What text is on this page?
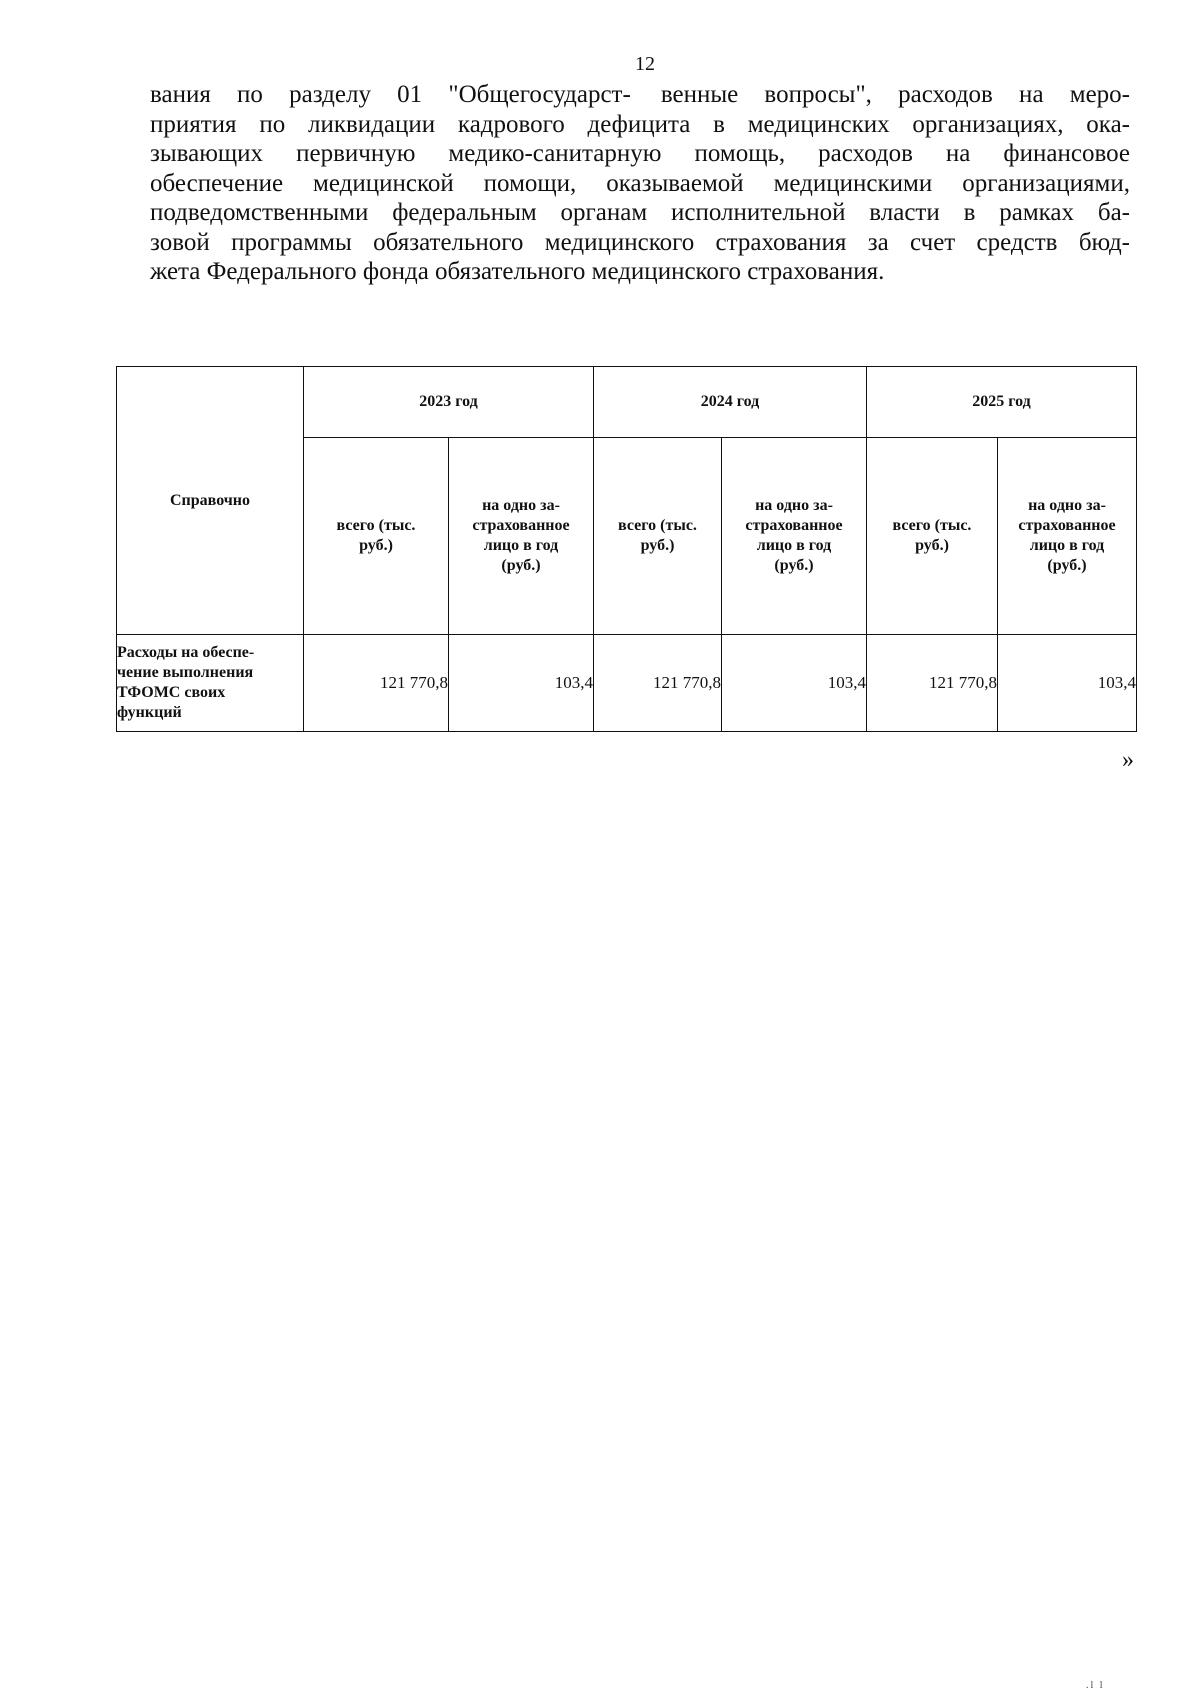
12
вания по разделу 01 "Общегосударст- венные вопросы", расходов на меро-
приятия по ликвидации кадрового дефицита в медицинских организациях, ока-
зывающих первичную медико-санитарную помощь, расходов на финансовое
обеспечение медицинской помощи, оказываемой медицинскими организациями,
подведомственными федеральным органам исполнительной власти в рамках ба-
зовой программы обязательного медицинского страхования за счет средств бюд-
жета Федерального фонда обязательного медицинского страхования.
Справочно	2023 год		2024 год		2025 год	
	всего (тыс.
руб.)	на одно за-
страхованное
лицо в год
(руб.)	всего (тыс.
руб.)	на одно за-
страхованное
лицо в год
(руб.)	всего (тыс.
руб.)	на одно за-
страхованное
лицо в год
(руб.)
Расходы на обеспе-
чение выполнения
ТФОМС своих
функций	121 770,8	103,4	121 770,8	103,4	121 770,8	103,4
»
.l l
